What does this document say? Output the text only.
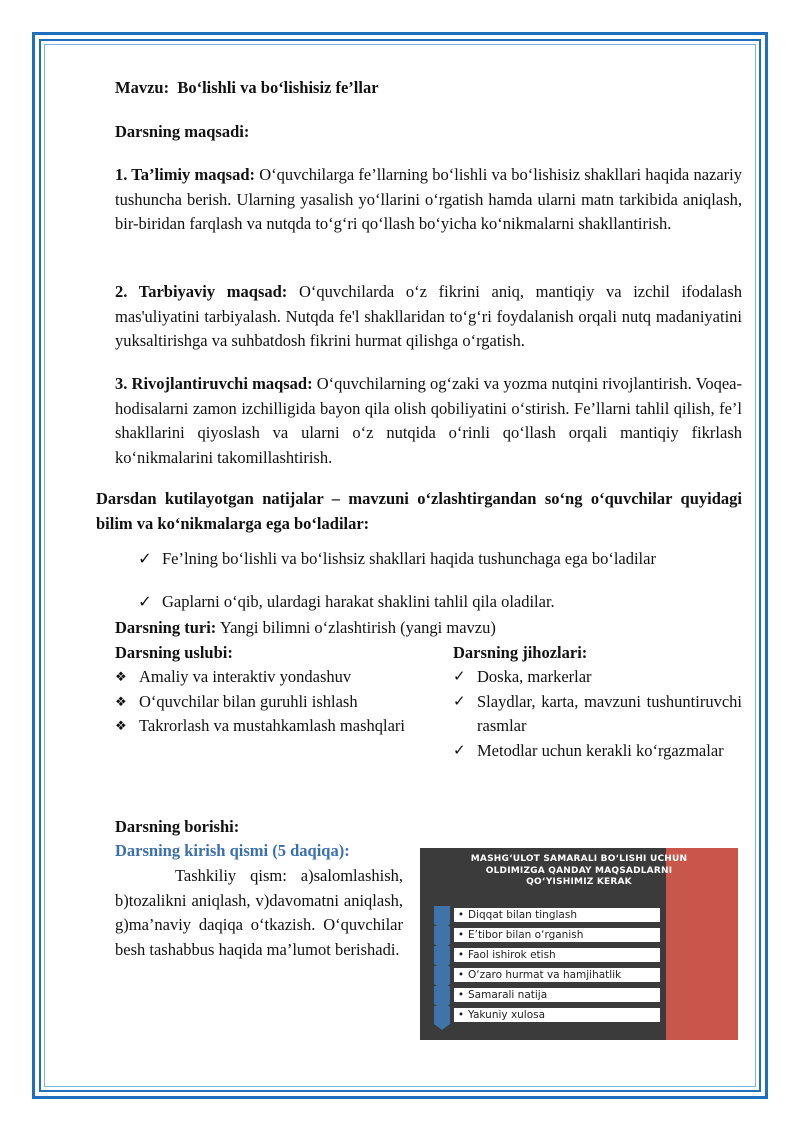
Mavzu: Bo‘lishli va bo‘lishisiz fe’llar

Darsning maqsadi:

1. Ta’limiy maqsad: O‘quvchilarga fe’llarning bo‘lishli va bo‘lishisiz shakllari haqida nazariy tushuncha berish. Ularning yasalish yo‘llarini o‘rgatish hamda ularni matn tarkibida aniqlash, bir-biridan farqlash va nutqda to‘g‘ri qo‘llash bo‘yicha ko‘nikmalarni shakllantirish.

2. Tarbiyaviy maqsad: O‘quvchilarda o‘z fikrini aniq, mantiqiy va izchil ifodalash mas'uliyatini tarbiyalash. Nutqda fe'l shakllaridan to‘g‘ri foydalanish orqali nutq madaniyatini yuksaltirishga va suhbatdosh fikrini hurmat qilishga o‘rgatish.

3. Rivojlantiruvchi maqsad: O‘quvchilarning og‘zaki va yozma nutqini rivojlantirish. Voqea-hodisalarni zamon izchilligida bayon qila olish qobiliyatini o‘stirish. Fe’llarni tahlil qilish, fe’l shakllarini qiyoslash va ularni o‘z nutqida o‘rinli qo‘llash orqali mantiqiy fikrlash ko‘nikmalarini takomillashtirish.

Darsdan kutilayotgan natijalar – mavzuni o‘zlashtirgandan so‘ng o‘quvchilar quyidagi bilim va ko‘nikmalarga ega bo‘ladilar:

✓ Fe’lning bo‘lishli va bo‘lishsiz shakllari haqida tushunchaga ega bo‘ladilar
✓ Gaplarni o‘qib, ulardagi harakat shaklini tahlil qila oladilar.

Darsning turi: Yangi bilimni o‘zlashtirish (yangi mavzu)

Darsning uslubi:

❖ Amaliy va interaktiv yondashuv
❖ O‘quvchilar bilan guruhli ishlash
❖ Takrorlash va mustahkamlash mashqlari

Darsning jihozlari:

✓ Doska, markerlar
✓ Slaydlar, karta, mavzuni tushuntiruvchi rasmlar
✓ Metodlar uchun kerakli ko‘rgazmalar

Darsning borishi:

Darsning kirish qismi (5 daqiqa):

Tashkiliy qism: a)salomlashish, b)tozalikni aniqlash, v)davomatni aniqlash, g)ma’naviy daqiqa o‘tkazish. O‘quvchilar besh tashabbus haqida ma’lumot berishadi.

MASHG‘ULOT SAMARALI BO‘LISHI UCHUN
OLDIMIZGA QANDAY MAQSADLARNI
QO‘YISHIMIZ KERAK
• Diqqat bilan tinglash
• E’tibor bilan o‘rganish
• Faol ishirok etish
• O‘zaro hurmat va hamjihatlik
• Samarali natija
• Yakuniy xulosa
